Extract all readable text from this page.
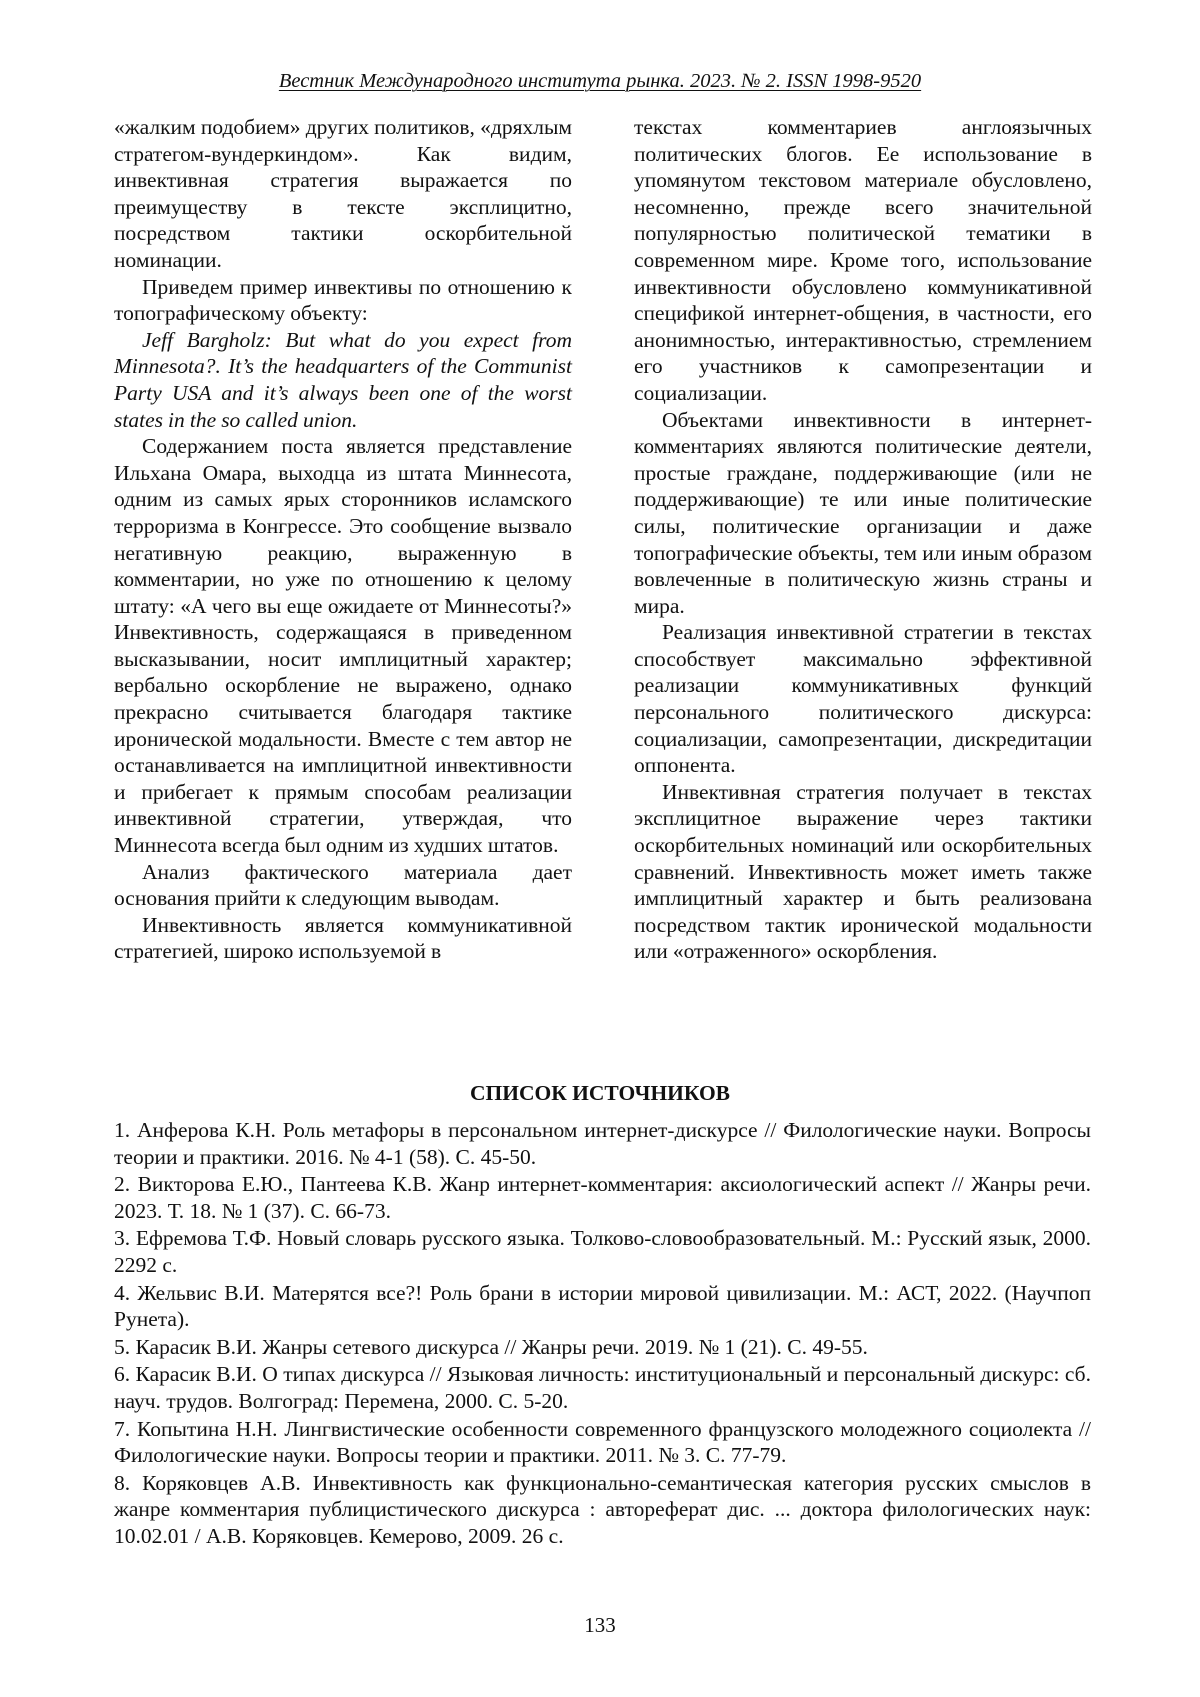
Вестник Международного института рынка. 2023. № 2. ISSN 1998-9520

«жалким подобием» других политиков, «дряхлым стратегом-вундеркиндом». Как видим, инвективная стратегия выражается по преимуществу в тексте эксплицитно, посредством тактики оскорбительной номинации.

Приведем пример инвективы по отношению к топографическому объекту:

Jeff Bargholz: But what do you expect from Minnesota?. It’s the headquarters of the Communist Party USA and it’s always been one of the worst states in the so called union.

Содержанием поста является представление Ильхана Омара, выходца из штата Миннесота, одним из самых ярых сторонников исламского терроризма в Конгрессе. Это сообщение вызвало негативную реакцию, выраженную в комментарии, но уже по отношению к целому штату: «А чего вы еще ожидаете от Миннесоты?» Инвективность, содержащаяся в приведенном высказывании, носит имплицитный характер; вербально оскорбление не выражено, однако прекрасно считывается благодаря тактике иронической модальности. Вместе с тем автор не останавливается на имплицитной инвективности и прибегает к прямым способам реализации инвективной стратегии, утверждая, что Миннесота всегда был одним из худших штатов.

Анализ фактического материала дает основания прийти к следующим выводам.

Инвективность является коммуникативной стратегией, широко используемой в

текстах комментариев англоязычных политических блогов. Ее использование в упомянутом текстовом материале обусловлено, несомненно, прежде всего значительной популярностью политической тематики в современном мире. Кроме того, использование инвективности обусловлено коммуникативной спецификой интернет-общения, в частности, его анонимностью, интерактивностью, стремлением его участников к самопрезентации и социализации.

Объектами инвективности в интернет-комментариях являются политические деятели, простые граждане, поддерживающие (или не поддерживающие) те или иные политические силы, политические организации и даже топографические объекты, тем или иным образом вовлеченные в политическую жизнь страны и мира.

Реализация инвективной стратегии в текстах способствует максимально эффективной реализации коммуникативных функций персонального политического дискурса: социализации, самопрезентации, дискредитации оппонента.

Инвективная стратегия получает в текстах эксплицитное выражение через тактики оскорбительных номинаций или оскорбительных сравнений. Инвективность может иметь также имплицитный характер и быть реализована посредством тактик иронической модальности или «отраженного» оскорбления.

СПИСОК ИСТОЧНИКОВ
1. Анферова К.Н. Роль метафоры в персональном интернет-дискурсе // Филологические науки. Вопросы теории и практики. 2016. № 4-1 (58). С. 45-50.
2. Викторова Е.Ю., Пантеева К.В. Жанр интернет-комментария: аксиологический аспект // Жанры речи. 2023. Т. 18. № 1 (37). С. 66-73.
3. Ефремова Т.Ф. Новый словарь русского языка. Толково-словообразовательный. М.: Русский язык, 2000. 2292 с.
4. Жельвис В.И. Матерятся все?! Роль брани в истории мировой цивилизации. М.: АСТ, 2022. (Научпоп Рунета).
5. Карасик В.И. Жанры сетевого дискурса // Жанры речи. 2019. № 1 (21). С. 49-55.
6. Карасик В.И. О типах дискурса // Языковая личность: институциональный и персональный дискурс: сб. науч. трудов. Волгоград: Перемена, 2000. С. 5-20.
7. Копытина Н.Н. Лингвистические особенности современного французского молодежного социолекта // Филологические науки. Вопросы теории и практики. 2011. № 3. С. 77-79.
8. Коряковцев А.В. Инвективность как функционально-семантическая категория русских смыслов в жанре комментария публицистического дискурса : автореферат дис. ... доктора филологических наук: 10.02.01 / А.В. Коряковцев. Кемерово, 2009. 26 с.
133
